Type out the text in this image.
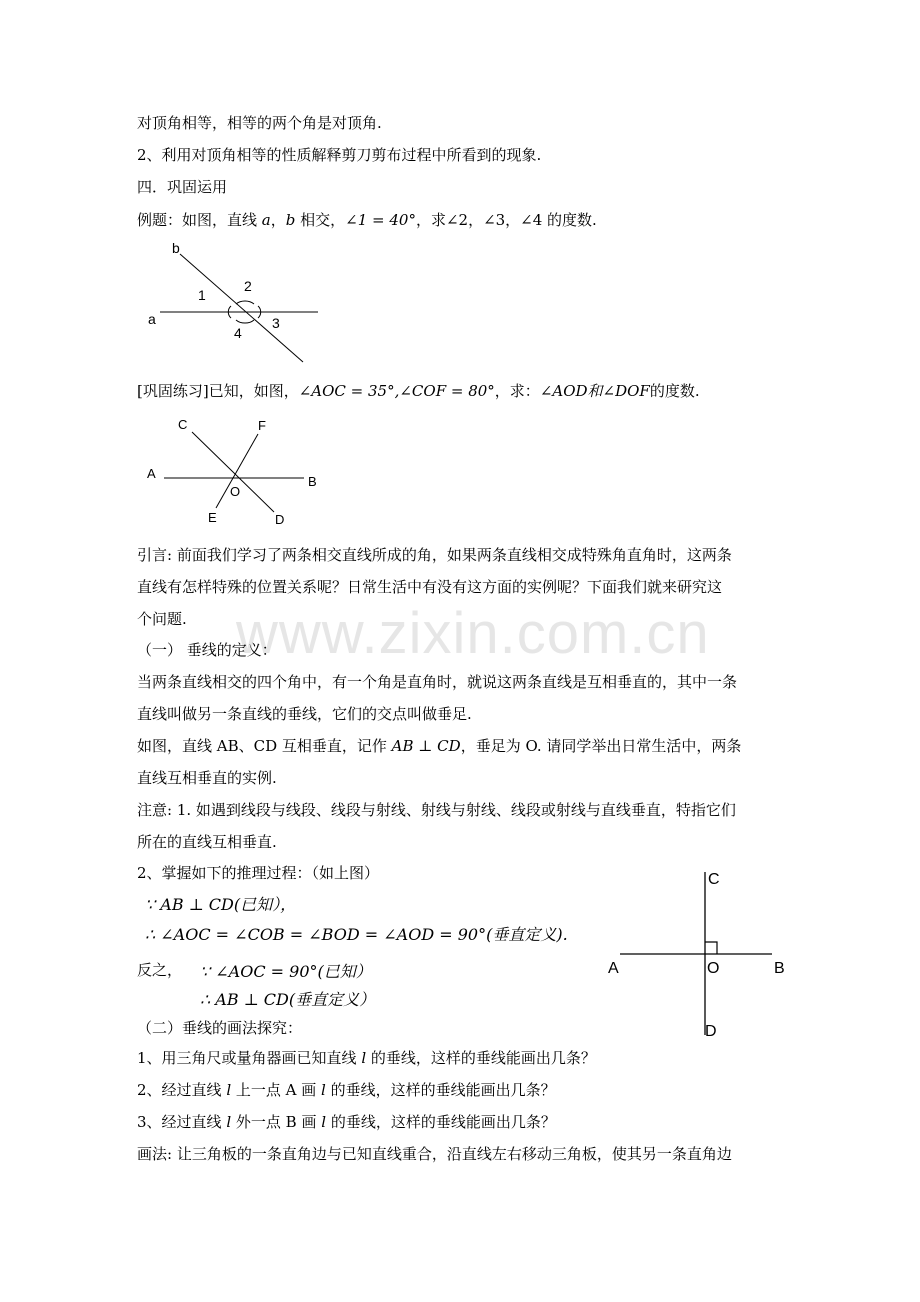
www.zixin.com.cn
对顶角相等，相等的两个角是对顶角.
2、利用对顶角相等的性质解释剪刀剪布过程中所看到的现象.
四．巩固运用
例题：如图，直线 a，b 相交，∠1 = 40°，求∠2，∠3，∠4 的度数.
b
a
1
2
3
4
[巩固练习]已知，如图，∠AOC = 35°,∠COF = 80°，求：∠AOD和∠DOF的度数.
C	F
A
B
O
E	D
引言: 前面我们学习了两条相交直线所成的角，如果两条直线相交成特殊角直角时，这两条
直线有怎样特殊的位置关系呢？日常生活中有没有这方面的实例呢？下面我们就来研究这
个问题.
（一） 垂线的定义：
当两条直线相交的四个角中，有一个角是直角时，就说这两条直线是互相垂直的，其中一条
直线叫做另一条直线的垂线，它们的交点叫做垂足.
如图，直线 AB、CD 互相垂直，记作 AB ⊥ CD，垂足为 O. 请同学举出日常生活中，两条
直线互相垂直的实例.
注意: 1. 如遇到线段与线段、线段与射线、射线与射线、线段或射线与直线垂直，特指它们
所在的直线互相垂直.
2、掌握如下的推理过程：（如上图）
∵ AB ⊥ CD(已知），
∴ ∠AOC = ∠COB = ∠BOD = ∠AOD = 90°(垂直定义).
反之， ∵ ∠AOC = 90°(已知）
∴ AB ⊥ CD(垂直定义）
C
A	O	B
D
（二）垂线的画法探究：
1、用三角尺或量角器画已知直线 l 的垂线，这样的垂线能画出几条？
2、经过直线 l 上一点 A 画 l 的垂线，这样的垂线能画出几条？
3、经过直线 l 外一点 B 画 l 的垂线，这样的垂线能画出几条？
画法: 让三角板的一条直角边与已知直线重合，沿直线左右移动三角板，使其另一条直角边
